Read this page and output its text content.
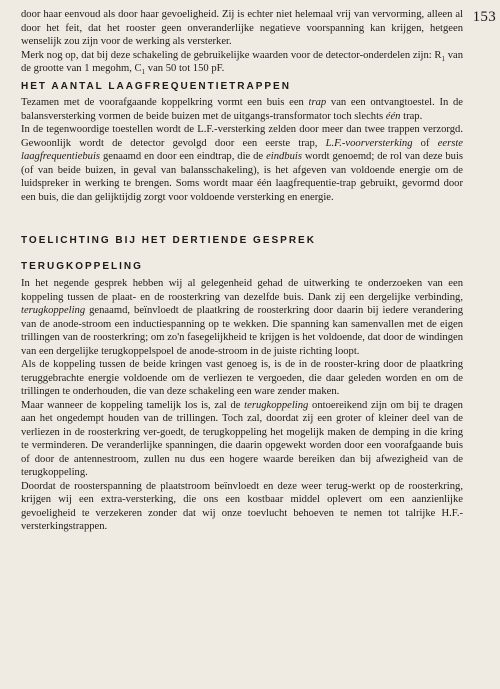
153

door haar eenvoud als door haar gevoeligheid. Zij is echter niet helemaal vrij van vervorming, alleen al door het feit, dat het rooster geen onveranderlijke negatieve voorspanning kan krijgen, hetgeen wenselijk zou zijn voor de werking als versterker.

Merk nog op, dat bij deze schakeling de gebruikelijke waarden voor de detector-onderdelen zijn: $R_1$ van de grootte van 1 megohm, $C_1$ van 50 tot 150 pF.

HET AANTAL LAAGFREQUENTIETRAPPEN

Tezamen met de voorafgaande koppelkring vormt een buis een trap van een ontvangtoestel. In de balansversterking vormen de beide buizen met de uitgangs-transformator toch slechts één trap.

In de tegenwoordige toestellen wordt de L.F.-versterking zelden door meer dan twee trappen verzorgd. Gewoonlijk wordt de detector gevolgd door een eerste trap, L.F.-voorversterking of eerste laagfrequentiebuis genaamd en door een eindtrap, die de eindbuis wordt genoemd; de rol van deze buis (of van beide buizen, in geval van balansschakeling), is het afgeven van voldoende energie om de luidspreker in werking te brengen. Soms wordt maar één laagfrequentie-trap gebruikt, gevormd door een buis, die dan gelijktijdig zorgt voor voldoende versterking en energie.

TOELICHTING BIJ HET DERTIENDE GESPREK
TERUGKOPPELING

In het negende gesprek hebben wij al gelegenheid gehad de uitwerking te onderzoeken van een koppeling tussen de plaat- en de roosterkring van dezelfde buis. Dank zij een dergelijke verbinding, terugkoppeling genaamd, beïnvloedt de plaatkring de roosterkring door daarin bij iedere verandering van de anode-stroom een inductiespanning op te wekken. Die spanning kan samenvallen met de eigen trillingen van de roosterkring; om zo'n fasegelijkheid te krijgen is het voldoende, dat door de windingen van een dergelijke terugkoppelspoel de anode-stroom in de juiste richting loopt.

Als de koppeling tussen de beide kringen vast genoeg is, is de in de rooster-kring door de plaatkring teruggebrachte energie voldoende om de verliezen te vergoeden, die daar geleden worden en om de trillingen te onderhouden, die van deze schakeling een ware zender maken.

Maar wanneer de koppeling tamelijk los is, zal de terugkoppeling ontoereikend zijn om bij te dragen aan het ongedempt houden van de trillingen. Toch zal, doordat zij een groter of kleiner deel van de verliezen in de roosterkring ver-goedt, de terugkoppeling het mogelijk maken de demping in die kring te verminderen. De veranderlijke spanningen, die daarin opgewekt worden door een voorafgaande buis of door de antennestroom, zullen nu dus een hogere waarde bereiken dan bij afwezigheid van de terugkoppeling.

Doordat de roosterspanning de plaatstroom beïnvloedt en deze weer terug-werkt op de roosterkring, krijgen wij een extra-versterking, die ons een kostbaar middel oplevert om een aanzienlijke gevoeligheid te verzekeren zonder dat wij onze toevlucht behoeven te nemen tot talrijke H.F.-versterkingstrappen.
